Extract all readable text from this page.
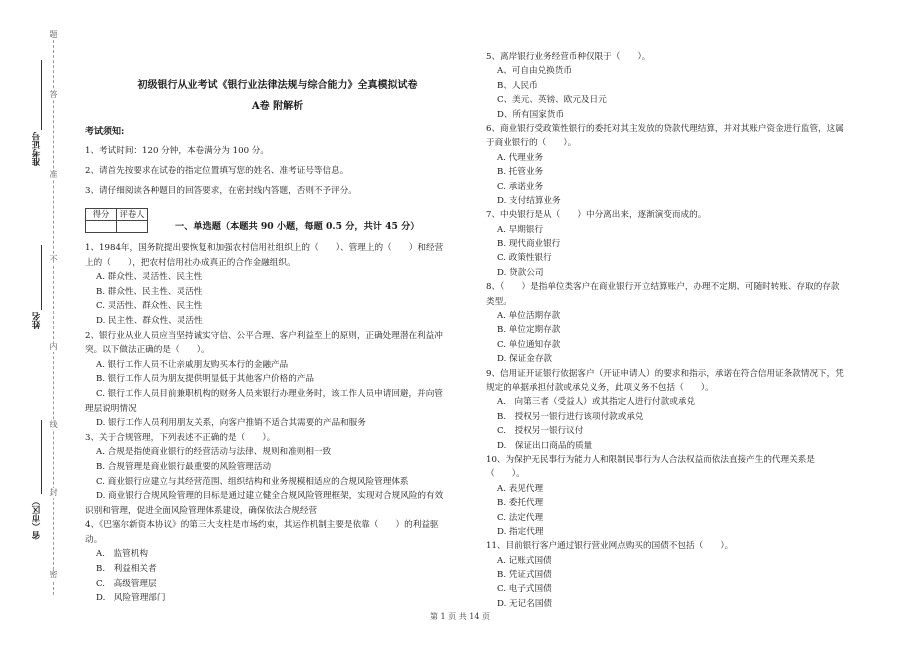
题
答
准
不
内
线
封
密
准考证号
姓名
省（市区）
初级银行从业考试《银行业法律法规与综合能力》全真模拟试卷
A卷 附解析
考试须知:
1、考试时间：120 分钟，本卷满分为 100 分。
2、请首先按要求在试卷的指定位置填写您的姓名、准考证号等信息。
3、请仔细阅读各种题目的回答要求，在密封线内答题，否则不予评分。
得分	评卷人

一、单选题（本题共 90 小题，每题 0.5 分，共计 45 分）
1、1984年，国务院提出要恢复和加强农村信用社组织上的（　　）、管理上的（　　）和经营
上的（　　），把农村信用社办成真正的合作金融组织。
A. 群众性、灵活性、民主性
B. 群众性、民主性、灵活性
C. 灵活性、群众性、民主性
D. 民主性、群众性、灵活性
2、银行业从业人员应当坚持诚实守信、公平合理、客户利益至上的原则，正确处理潜在利益冲
突。以下做法正确的是（　　）。
A. 银行工作人员不让亲戚朋友购买本行的金融产品
B. 银行工作人员为朋友提供明显低于其他客户价格的产品
C. 银行工作人员目前兼职机构的财务人员来银行办理业务时，该工作人员申请回避，并向管
理层说明情况
D. 银行工作人员利用朋友关系，向客户推销不适合其需要的产品和服务
3、关于合规管理，下列表述不正确的是（　　）。
A. 合规是指使商业银行的经营活动与法律、规则和准则相一致
B. 合规管理是商业银行最重要的风险管理活动
C. 商业银行应建立与其经营范围、组织结构和业务规模相适应的合规风险管理体系
D. 商业银行合规风险管理的目标是通过建立健全合规风险管理框架，实现对合规风险的有效
识别和管理，促进全面风险管理体系建设，确保依法合规经营
4、《巴塞尔新资本协议》的第三大支柱是市场约束，其运作机制主要是依靠（　　）的利益驱
动。
A.　监管机构
B.　利益相关者
C.　高级管理层
D.　风险管理部门
5、离岸银行业务经营币种仅限于（　　）。
A、可自由兑换货币
B、人民币
C、美元、英镑、欧元及日元
D、所有国家货币
6、商业银行受政策性银行的委托对其主发放的贷款代理结算，并对其账户资金进行监管，这属
于商业银行的（　　）。
A. 代理业务
B. 托管业务
C. 承诺业务
D. 支付结算业务
7、中央银行是从（　　）中分离出来，逐渐演变而成的。
A. 早期银行
B. 现代商业银行
C. 政策性银行
D. 贷款公司
8、（　　）是指单位类客户在商业银行开立结算账户，办理不定期、可随时转账、存取的存款
类型。
A. 单位活期存款
B. 单位定期存款
C. 单位通知存款
D. 保证金存款
9、信用证开证银行依据客户（开证申请人）的要求和指示，承诺在符合信用证条款情况下，凭
规定的单据承担付款或承兑义务，此项义务不包括（　　）。
A.　向第三者（受益人）或其指定人进行付款或承兑
B.　授权另一银行进行该项付款或承兑
C.　授权另一银行议付
D.　保证出口商品的质量
10、为保护无民事行为能力人和限制民事行为人合法权益而依法直接产生的代理关系是
（　　）。
A. 表见代理
B. 委托代理
C. 法定代理
D. 指定代理
11、目前银行客户通过银行营业网点购买的国债不包括（　　）。
A. 记账式国债
B. 凭证式国债
C. 电子式国债
D. 无记名国债
第 1 页 共 14 页
